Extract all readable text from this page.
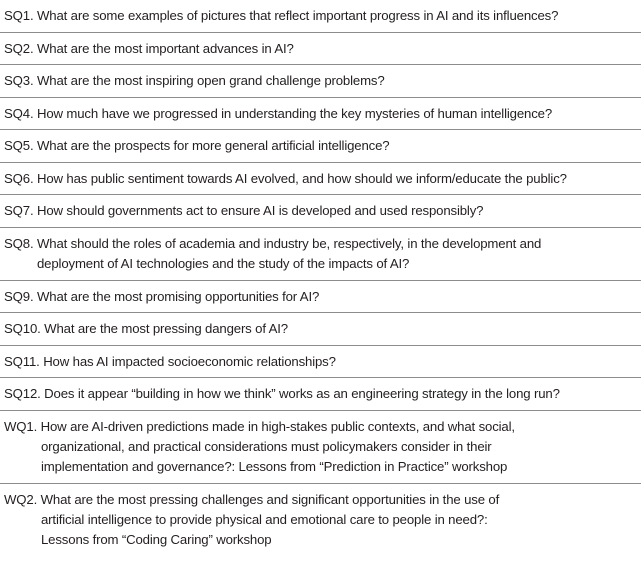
SQ1. What are some examples of pictures that reflect important progress in AI and its influences?
SQ2. What are the most important advances in AI?
SQ3. What are the most inspiring open grand challenge problems?
SQ4. How much have we progressed in understanding the key mysteries of human intelligence?
SQ5. What are the prospects for more general artificial intelligence?
SQ6. How has public sentiment towards AI evolved, and how should we inform/educate the public?
SQ7. How should governments act to ensure AI is developed and used responsibly?
SQ8. What should the roles of academia and industry be, respectively, in the development and
deployment of AI technologies and the study of the impacts of AI?
SQ9. What are the most promising opportunities for AI?
SQ10. What are the most pressing dangers of AI?
SQ11. How has AI impacted socioeconomic relationships?
SQ12. Does it appear “building in how we think” works as an engineering strategy in the long run?
WQ1. How are AI-driven predictions made in high-stakes public contexts, and what social,
organizational, and practical considerations must policymakers consider in their
implementation and governance?: Lessons from “Prediction in Practice” workshop
WQ2. What are the most pressing challenges and significant opportunities in the use of
artificial intelligence to provide physical and emotional care to people in need?:
Lessons from “Coding Caring” workshop
